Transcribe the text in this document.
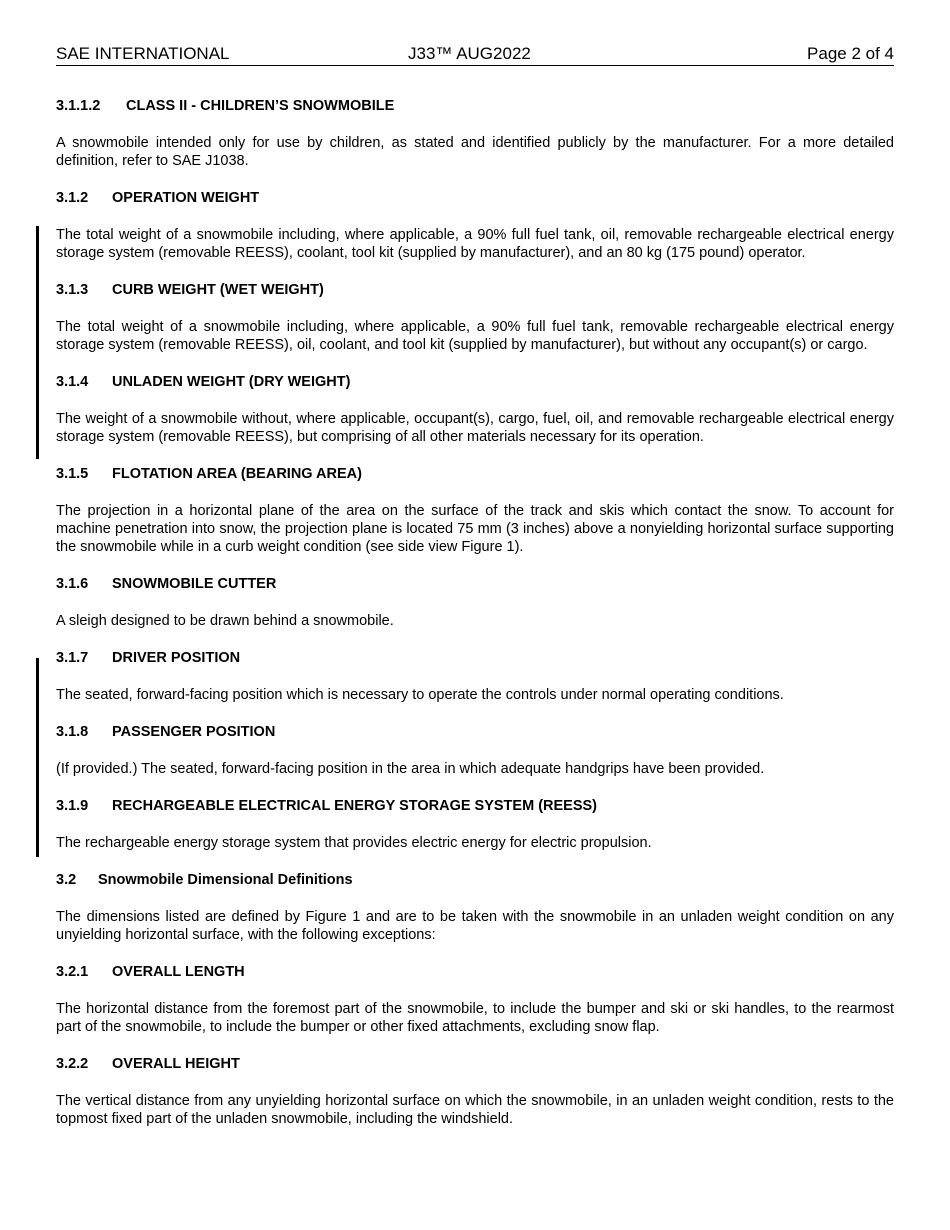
SAE INTERNATIONAL	J33™ AUG2022	Page 2 of 4
3.1.1.2 CLASS II - CHILDREN’S SNOWMOBILE

A snowmobile intended only for use by children, as stated and identified publicly by the manufacturer. For a more detailed definition, refer to SAE J1038.

3.1.2 OPERATION WEIGHT

The total weight of a snowmobile including, where applicable, a 90% full fuel tank, oil, removable rechargeable electrical energy storage system (removable REESS), coolant, tool kit (supplied by manufacturer), and an 80 kg (175 pound) operator.

3.1.3 CURB WEIGHT (WET WEIGHT)

The total weight of a snowmobile including, where applicable, a 90% full fuel tank, removable rechargeable electrical energy storage system (removable REESS), oil, coolant, and tool kit (supplied by manufacturer), but without any occupant(s) or cargo.

3.1.4 UNLADEN WEIGHT (DRY WEIGHT)

The weight of a snowmobile without, where applicable, occupant(s), cargo, fuel, oil, and removable rechargeable electrical energy storage system (removable REESS), but comprising of all other materials necessary for its operation.

3.1.5 FLOTATION AREA (BEARING AREA)

The projection in a horizontal plane of the area on the surface of the track and skis which contact the snow. To account for machine penetration into snow, the projection plane is located 75 mm (3 inches) above a nonyielding horizontal surface supporting the snowmobile while in a curb weight condition (see side view Figure 1).

3.1.6 SNOWMOBILE CUTTER

A sleigh designed to be drawn behind a snowmobile.

3.1.7 DRIVER POSITION

The seated, forward-facing position which is necessary to operate the controls under normal operating conditions.

3.1.8 PASSENGER POSITION

(If provided.) The seated, forward-facing position in the area in which adequate handgrips have been provided.

3.1.9 RECHARGEABLE ELECTRICAL ENERGY STORAGE SYSTEM (REESS)

The rechargeable energy storage system that provides electric energy for electric propulsion.

3.2 Snowmobile Dimensional Definitions

The dimensions listed are defined by Figure 1 and are to be taken with the snowmobile in an unladen weight condition on any unyielding horizontal surface, with the following exceptions:

3.2.1 OVERALL LENGTH

The horizontal distance from the foremost part of the snowmobile, to include the bumper and ski or ski handles, to the rearmost part of the snowmobile, to include the bumper or other fixed attachments, excluding snow flap.

3.2.2 OVERALL HEIGHT

The vertical distance from any unyielding horizontal surface on which the snowmobile, in an unladen weight condition, rests to the topmost fixed part of the unladen snowmobile, including the windshield.
